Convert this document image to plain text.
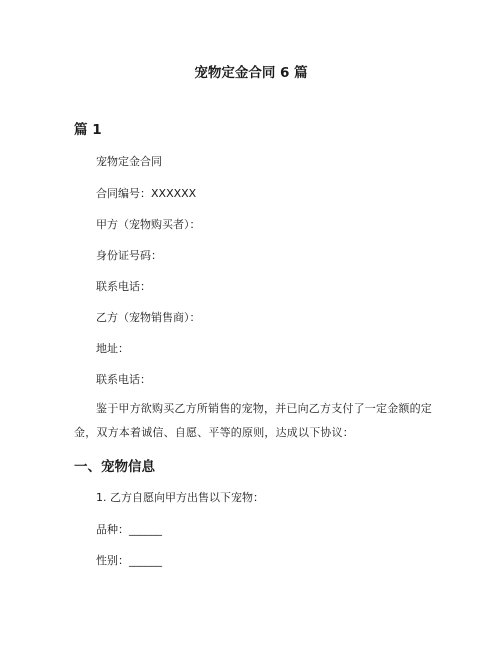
宠物定金合同 6 篇
篇 1

宠物定金合同

合同编号：XXXXXX

甲方（宠物购买者）：

身份证号码：

联系电话：

乙方（宠物销售商）：

地址：

联系电话：

鉴于甲方欲购买乙方所销售的宠物，并已向乙方支付了一定金额的定金，双方本着诚信、自愿、平等的原则，达成以下协议：

一、宠物信息

1. 乙方自愿向甲方出售以下宠物：

品种：______

性别：______
